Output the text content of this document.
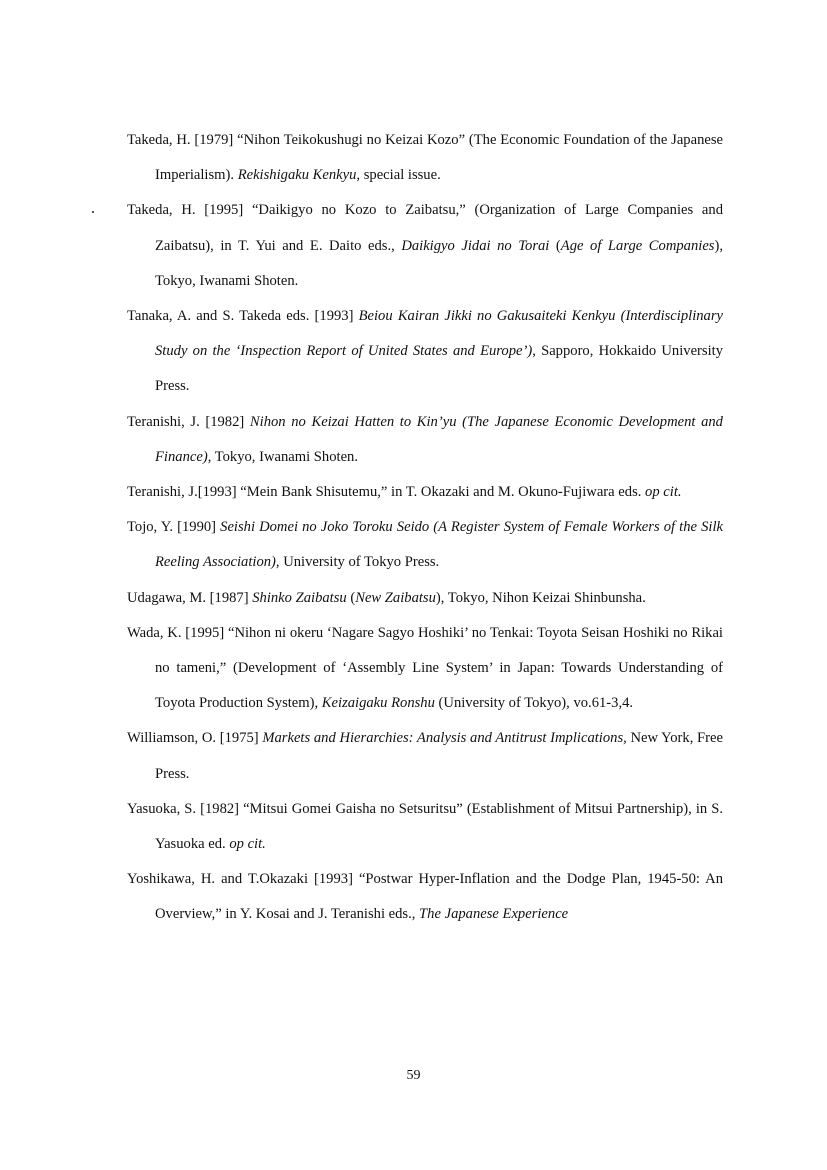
Takeda, H. [1979] “Nihon Teikokushugi no Keizai Kozo” (The Economic Foundation of the Japanese Imperialism). Rekishigaku Kenkyu, special issue.

Takeda, H. [1995] “Daikigyo no Kozo to Zaibatsu,” (Organization of Large Companies and Zaibatsu), in T. Yui and E. Daito eds., Daikigyo Jidai no Torai (Age of Large Companies), Tokyo, Iwanami Shoten.

Tanaka, A. and S. Takeda eds. [1993] Beiou Kairan Jikki no Gakusaiteki Kenkyu (Interdisciplinary Study on the ‘Inspection Report of United States and Europe’), Sapporo, Hokkaido University Press.

Teranishi, J. [1982] Nihon no Keizai Hatten to Kin’yu (The Japanese Economic Development and Finance), Tokyo, Iwanami Shoten.

Teranishi, J.[1993] “Mein Bank Shisutemu,” in T. Okazaki and M. Okuno-Fujiwara eds. op cit.

Tojo, Y. [1990] Seishi Domei no Joko Toroku Seido (A Register System of Female Workers of the Silk Reeling Association), University of Tokyo Press.

Udagawa, M. [1987] Shinko Zaibatsu (New Zaibatsu), Tokyo, Nihon Keizai Shinbunsha.

Wada, K. [1995] “Nihon ni okeru ‘Nagare Sagyo Hoshiki’ no Tenkai: Toyota Seisan Hoshiki no Rikai no tameni,” (Development of ‘Assembly Line System’ in Japan: Towards Understanding of Toyota Production System), Keizaigaku Ronshu (University of Tokyo), vo.61-3,4.

Williamson, O. [1975] Markets and Hierarchies: Analysis and Antitrust Implications, New York, Free Press.

Yasuoka, S. [1982] “Mitsui Gomei Gaisha no Setsuritsu” (Establishment of Mitsui Partnership), in S. Yasuoka ed. op cit.

Yoshikawa, H. and T.Okazaki [1993] “Postwar Hyper-Inflation and the Dodge Plan, 1945-50: An Overview,” in Y. Kosai and J. Teranishi eds., The Japanese Experience

59
